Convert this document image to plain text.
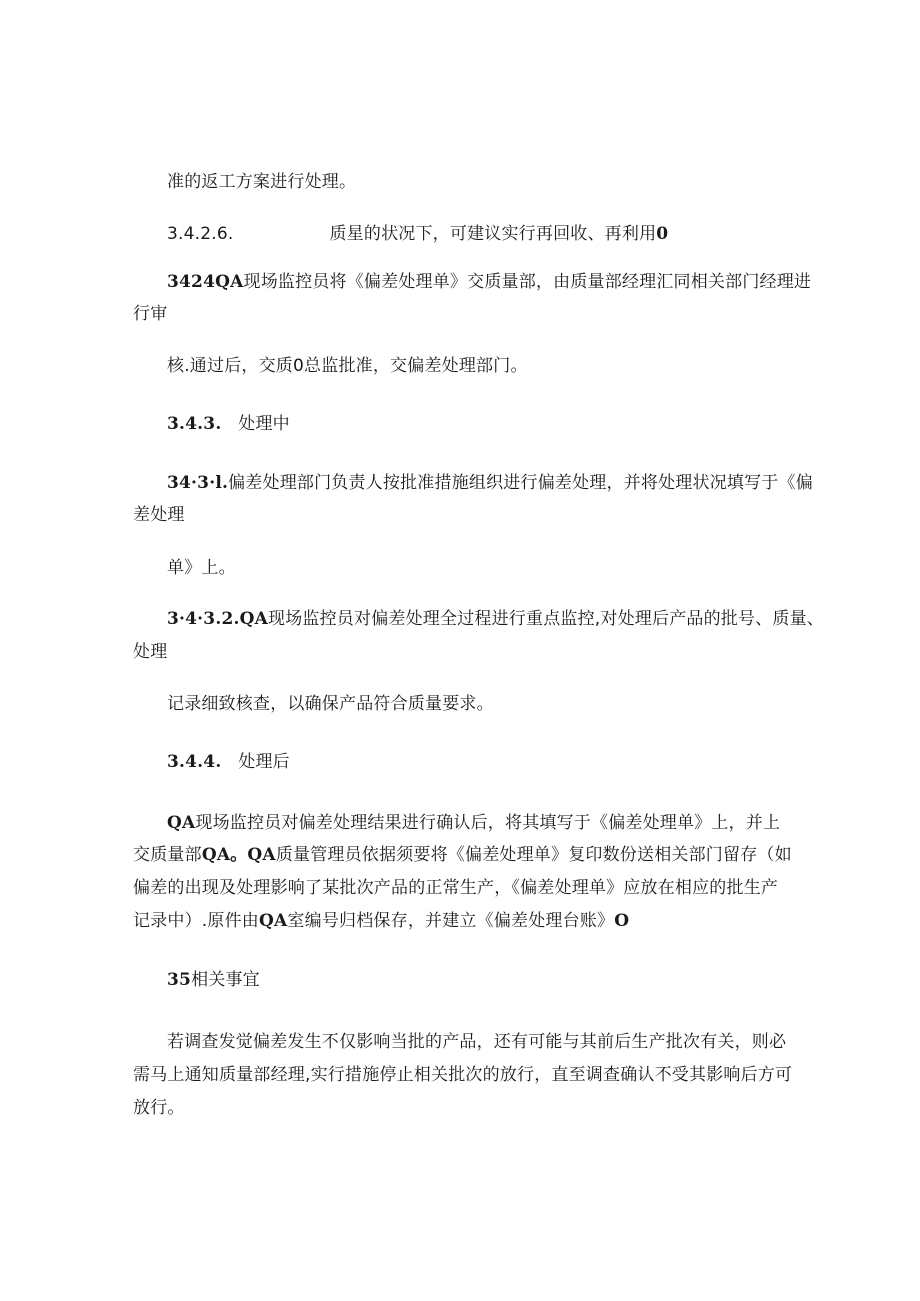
准的返工方案进行处理。
3.4.2.6.	质星的状况下，可建议实行再回收、再利用0
3424QA现场监控员将《偏差处理单》交质量部，由质量部经理汇同相关部门经理进
行审
核.通过后，交质0总监批准，交偏差处理部门。
3.4.3. 处理中
34·3·l.偏差处理部门负责人按批准措施组织进行偏差处理，并将处理状况填写于《偏
差处理
单》上。
3·4·3.2.QA现场监控员对偏差处理全过程进行重点监控,对处理后产品的批号、质量、
处理
记录细致核查，以确保产品符合质量要求。
3.4.4. 处理后
QA现场监控员对偏差处理结果进行确认后，将其填写于《偏差处理单》上，并上
交质量部QA。QA质量管理员依据须要将《偏差处理单》复印数份送相关部门留存（如
偏差的出现及处理影响了某批次产品的正常生产，《偏差处理单》应放在相应的批生产
记录中）.原件由QA室编号归档保存，并建立《偏差处理台账》O
35相关事宜
若调查发觉偏差发生不仅影响当批的产品，还有可能与其前后生产批次有关，则必
需马上通知质量部经理,实行措施停止相关批次的放行，直至调查确认不受其影响后方可
放行。
